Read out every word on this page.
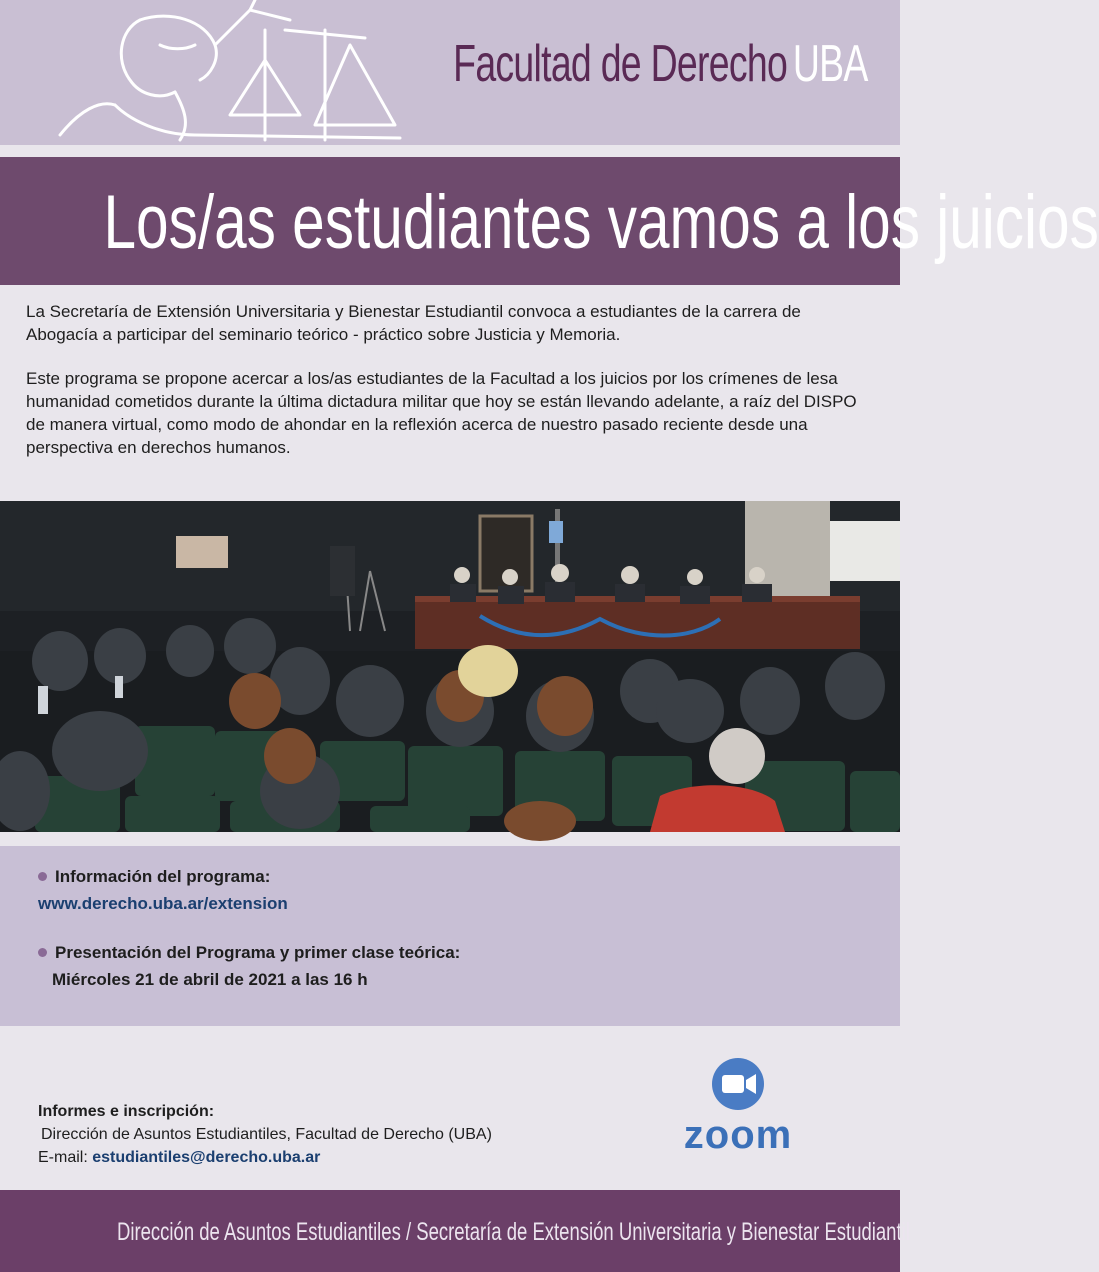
Facultad de Derecho UBA
Los/as estudiantes vamos a los juicios

La Secretaría de Extensión Universitaria y Bienestar Estudiantil convoca a estudiantes de la carrera de Abogacía a participar del seminario teórico - práctico sobre Justicia y Memoria.

Este programa se propone acercar a los/as estudiantes de la Facultad a los juicios por los crímenes de lesa humanidad cometidos durante la última dictadura militar que hoy se están llevando adelante, a raíz del DISPO de manera virtual, como modo de ahondar en la reflexión acerca de nuestro pasado reciente desde una perspectiva en derechos humanos.

Información del programa:
www.derecho.uba.ar/extension
Presentación del Programa y primer clase teórica:
Miércoles 21 de abril de 2021 a las 16 h
Informes e inscripción:
Dirección de Asuntos Estudiantiles, Facultad de Derecho (UBA)
E-mail: estudiantiles@derecho.uba.ar
zoom
Dirección de Asuntos Estudiantiles / Secretaría de Extensión Universitaria y Bienestar Estudiantil
